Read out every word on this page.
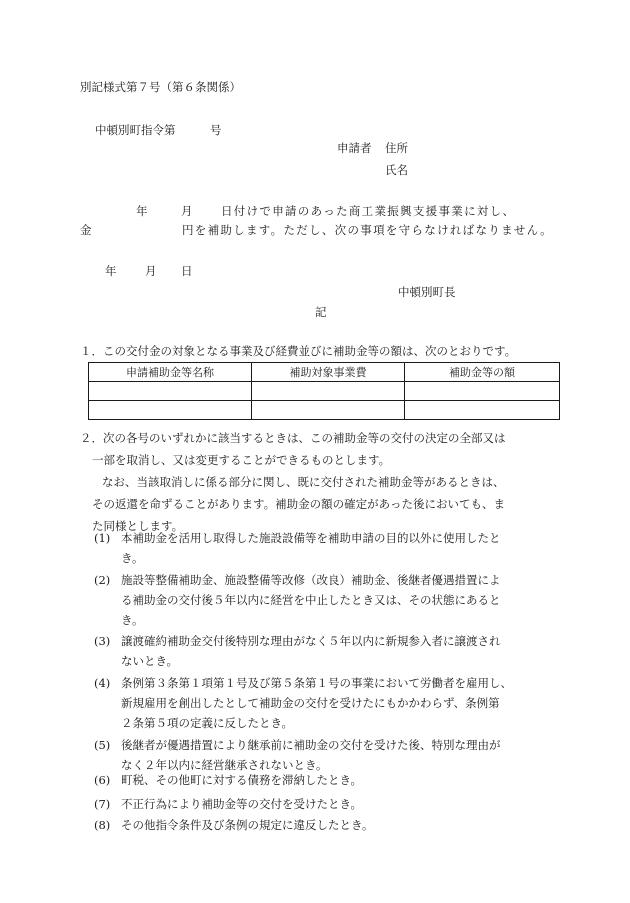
別記様式第７号（第６条関係）
中頓別町指令第　　　号
申請者 住所
氏名
年	月 日付けで申請のあった商工業振興支援事業に対し、
金	円を補助します。ただし、次の事項を守らなければなりません。
年 月 日
中頓別町長
記
１．この交付金の対象となる事業及び経費並びに補助金等の額は、次のとおりです。
申請補助金等名称	補助対象事業費	補助金等の額

２．次の各号のいずれかに該当するときは、この補助金等の交付の決定の全部又は
一部を取消し、又は変更することができるものとします。
なお、当該取消しに係る部分に関し、既に交付された補助金等があるときは、
その返還を命ずることがあります。補助金の額の確定があった後においても、ま
た同様とします。
(1) 本補助金を活用し取得した施設設備等を補助申請の目的以外に使用したと
き。
(2) 施設等整備補助金、施設整備等改修（改良）補助金、後継者優遇措置によ
る補助金の交付後５年以内に経営を中止したとき又は、その状態にあると
き。
(3) 譲渡確約補助金交付後特別な理由がなく５年以内に新規参入者に譲渡され
ないとき。
(4) 条例第３条第１項第１号及び第５条第１号の事業において労働者を雇用し、
新規雇用を創出したとして補助金の交付を受けたにもかかわらず、条例第
２条第５項の定義に反したとき。
(5) 後継者が優遇措置により継承前に補助金の交付を受けた後、特別な理由が
なく２年以内に経営継承されないとき。
(6) 町税、その他町に対する債務を滞納したとき。
(7) 不正行為により補助金等の交付を受けたとき。
(8) その他指令条件及び条例の規定に違反したとき。
